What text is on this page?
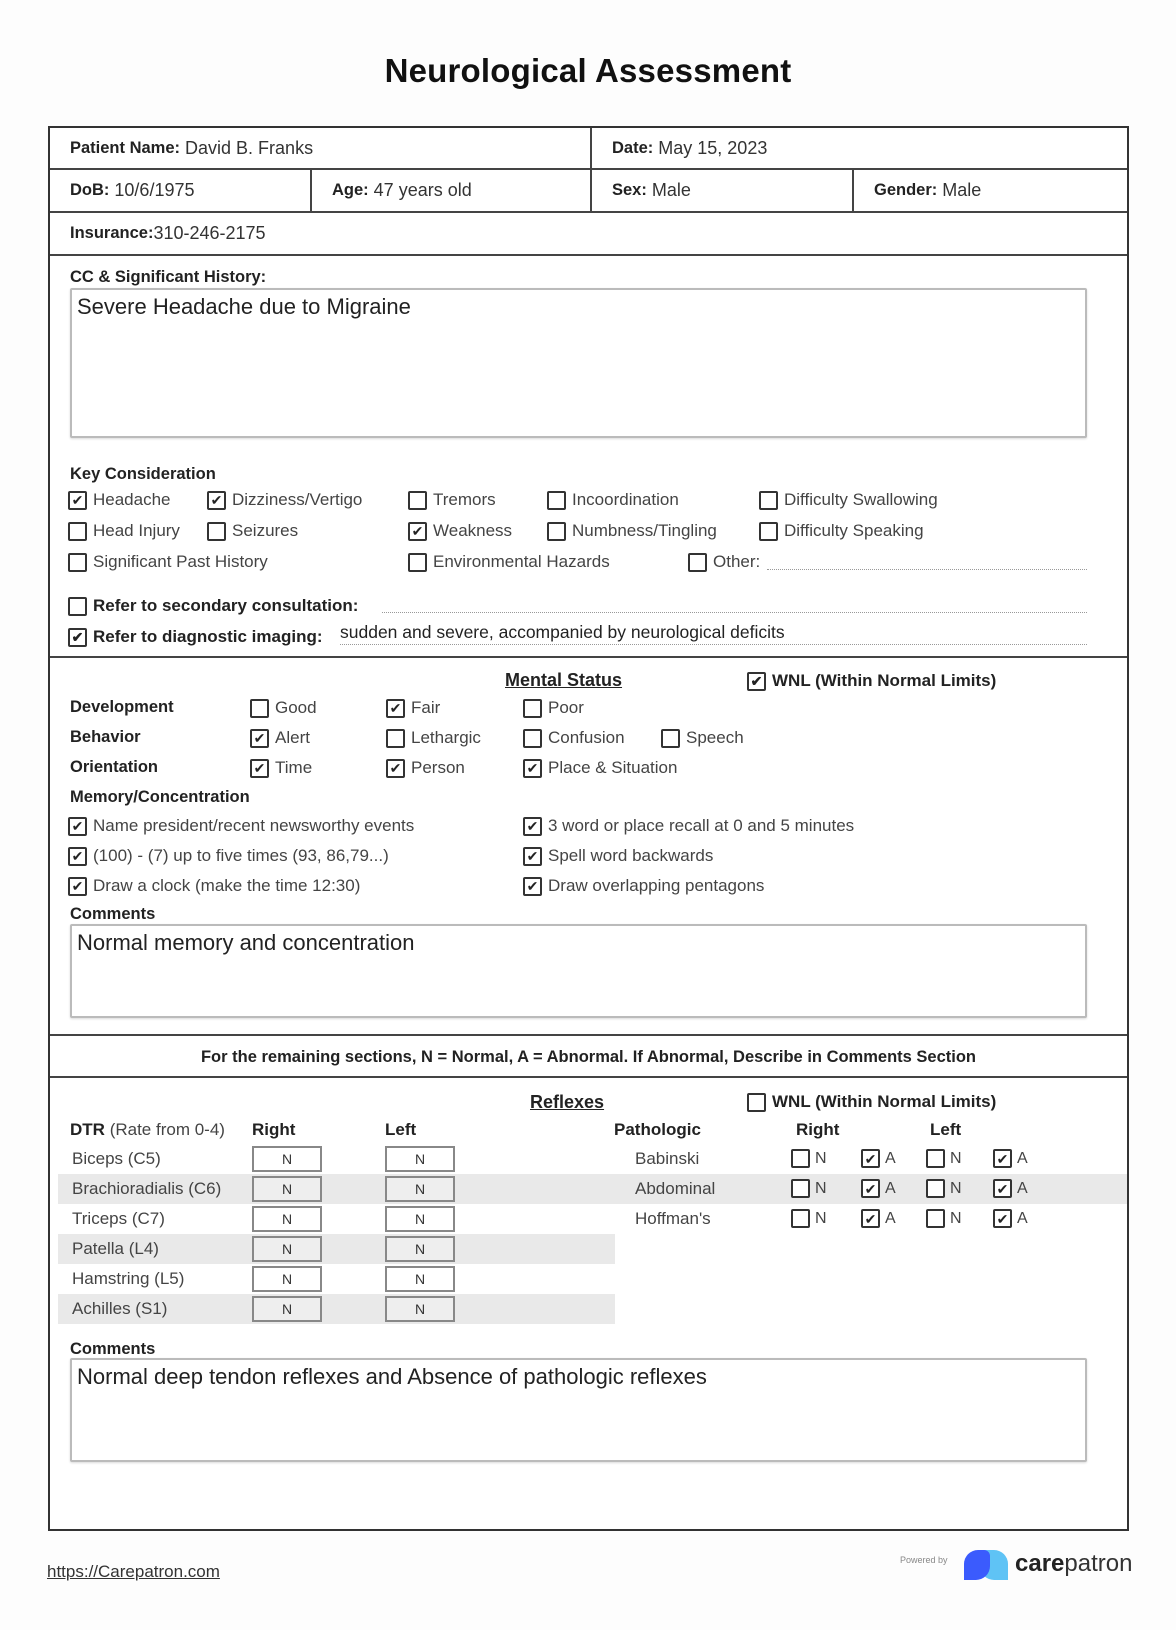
Neurological Assessment
Patient Name: David B. Franks	Date: May 15, 2023
DoB: 10/6/1975	Age: 47 years old	Sex: Male	Gender: Male
Insurance: 310-246-2175
CC & Significant History:
Severe Headache due to Migraine
Key Consideration
✔ Headache	✔ Dizziness/Vertigo	Tremors	Incoordination	Difficulty Swallowing
Head Injury	Seizures	✔ Weakness	Numbness/Tingling	Difficulty Speaking
Significant Past History	Environmental Hazards	Other:
Refer to secondary consultation:
✔ Refer to diagnostic imaging: sudden and severe, accompanied by neurological deficits
Mental Status	✔ WNL (Within Normal Limits)
Development	Good	✔ Fair	Poor
Behavior	✔ Alert	Lethargic	Confusion	Speech
Orientation	✔ Time	✔ Person	✔ Place & Situation
Memory/Concentration
✔ Name president/recent newsworthy events	✔ 3 word or place recall at 0 and 5 minutes
✔ (100) - (7) up to five times (93, 86,79...)	✔ Spell word backwards
✔ Draw a clock (make the time 12:30)	✔ Draw overlapping pentagons
Comments
Normal memory and concentration
For the remaining sections, N = Normal, A = Abnormal. If Abnormal, Describe in Comments Section
Reflexes	WNL (Within Normal Limits)
DTR (Rate from 0-4) Right	Left
Biceps (C5)	N	N
Brachioradialis (C6)	N	N
Triceps (C7)	N	N
Patella (L4)	N	N
Hamstring (L5)	N	N
Achilles (S1)	N	N
Pathologic	Right	Left
Babinski	N	✔ A	N	✔ A
Abdominal	N	✔ A	N	✔ A
Hoffman's	N	✔ A	N	✔ A
Comments
Normal deep tendon reflexes and Absence of pathologic reflexes
https://Carepatron.com
Powered by	carepatron
